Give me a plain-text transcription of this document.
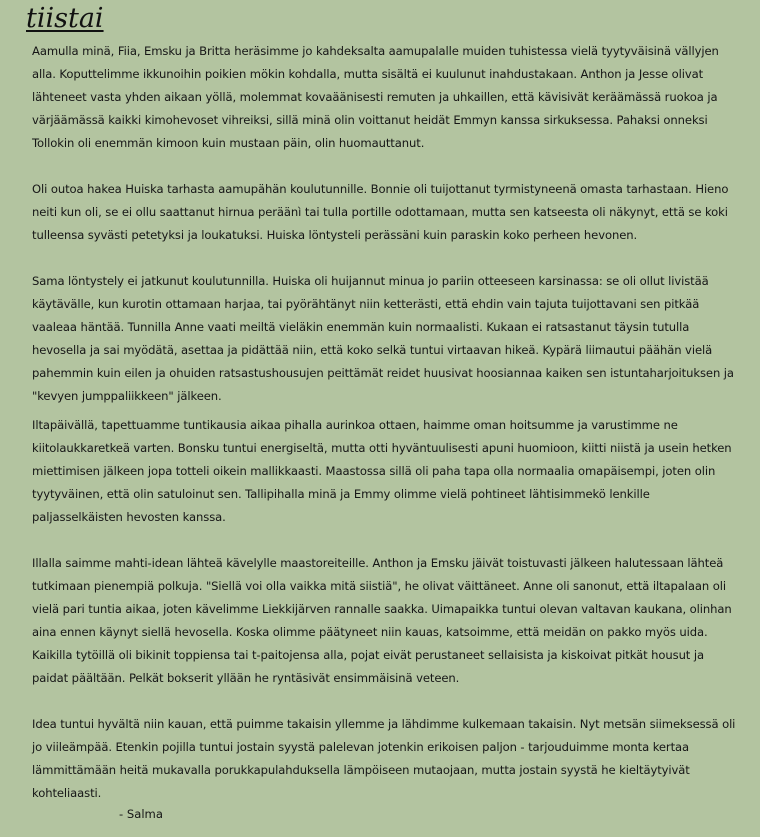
tiistai

Aamulla minä, Fiia, Emsku ja Britta heräsimme jo kahdeksalta aamupalalle muiden tuhistessa vielä tyytyväisinä vällyjen alla. Koputtelimme ikkunoihin poikien mökin kohdalla, mutta sisältä ei kuulunut inahdustakaan. Anthon ja Jesse olivat lähteneet vasta yhden aikaan yöllä, molemmat kovaäänisesti remuten ja uhkaillen, että kävisivät keräämässä ruokoa ja värjäämässä kaikki kimohevoset vihreiksi, sillä minä olin voittanut heidät Emmyn kanssa sirkuksessa. Pahaksi onneksi Tollokin oli enemmän kimoon kuin mustaan päin, olin huomauttanut.

Oli outoa hakea Huiska tarhasta aamupähän koulutunnille. Bonnie oli tuijottanut tyrmistyneenä omasta tarhastaan. Hieno neiti kun oli, se ei ollu saattanut hirnua peräänì tai tulla portille odottamaan, mutta sen katseesta oli näkynyt, että se koki tulleensa syvästi petetyksi ja loukatuksi. Huiska löntysteli perässäni kuin paraskin koko perheen hevonen.

Sama löntystely ei jatkunut koulutunnilla. Huiska oli huijannut minua jo pariin otteeseen karsinassa: se oli ollut livistää käytävälle, kun kurotin ottamaan harjaa, tai pyörähtänyt niin ketterästi, että ehdin vain tajuta tuijottavani sen pitkää vaaleaa häntää. Tunnilla Anne vaati meiltä vieläkin enemmän kuin normaalisti. Kukaan ei ratsastanut täysin tutulla hevosella ja sai myödätä, asettaa ja pidättää niin, että koko selkä tuntui virtaavan hikeä. Kypärä liimautui päähän vielä pahemmin kuin eilen ja ohuiden ratsastushousujen peittämät reidet huusivat hoosiannaa kaiken sen istuntaharjoituksen ja "kevyen jumppaliikkeen" jälkeen.

Iltapäivällä, tapettuamme tuntikausia aikaa pihalla aurinkoa ottaen, haimme oman hoitsumme ja varustimme ne kiitolaukkaretkeä varten. Bonsku tuntui energiseltä, mutta otti hyväntuulisesti apuni huomioon, kiitti niistä ja usein hetken miettimisen jälkeen jopa totteli oikein mallikkaasti. Maastossa sillä oli paha tapa olla normaalia omapäisempi, joten olin tyytyväinen, että olin satuloinut sen. Tallipihalla minä ja Emmy olimme vielä pohtineet lähtisimmekö lenkille paljasselkäisten hevosten kanssa.

Illalla saimme mahti-idean lähteä kävelylle maastoreiteille. Anthon ja Emsku jäivät toistuvasti jälkeen halutessaan lähteä tutkimaan pienempiä polkuja. "Siellä voi olla vaikka mitä siistiä", he olivat väittäneet. Anne oli sanonut, että iltapalaan oli vielä pari tuntia aikaa, joten kävelimme Liekkijärven rannalle saakka. Uimapaikka tuntui olevan valtavan kaukana, olinhan aina ennen käynyt siellä hevosella. Koska olimme päätyneet niin kauas, katsoimme, että meidän on pakko myös uida. Kaikilla tytöillä oli bikinit toppiensa tai t-paitojensa alla, pojat eivät perustaneet sellaisista ja kiskoivat pitkät housut ja paidat päältään. Pelkät bokserit yllään he ryntäsivät ensimmäisinä veteen.

Idea tuntui hyvältä niin kauan, että puimme takaisin yllemme ja lähdimme kulkemaan takaisin. Nyt metsän siimeksessä oli jo viileämpää. Etenkin pojilla tuntui jostain syystä palelevan jotenkin erikoisen paljon - tarjouduimme monta kertaa lämmittämään heitä mukavalla porukkapulahduksella lämpöiseen mutaojaan, mutta jostain syystä he kieltäytyivät kohteliaasti.

- Salma
